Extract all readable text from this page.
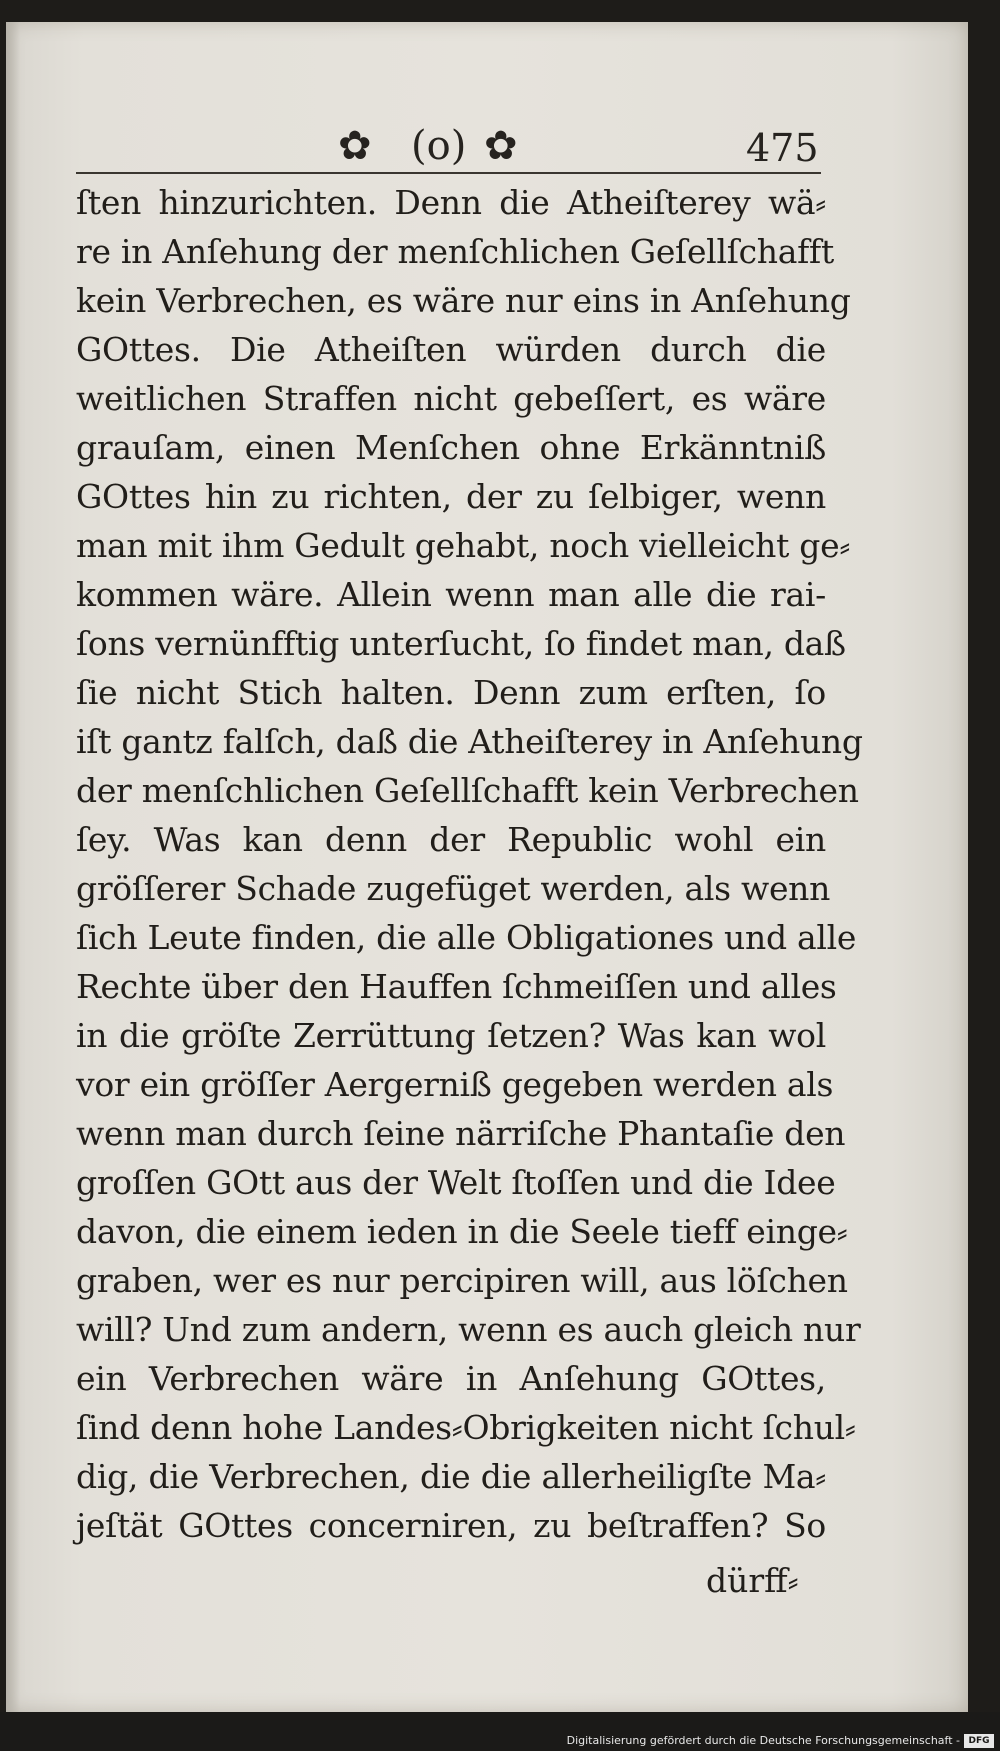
✿ (o) ✿	475
ſten hinzurichten. Denn die Atheiſterey wä⸗
re in Anſehung der menſchlichen Geſellſchafft
kein Verbrechen, es wäre nur eins in Anſehung
GOttes. Die Atheiſten würden durch die
weitlichen Straffen nicht gebeſſert, es wäre
grauſam, einen Menſchen ohne Erkänntniß
GOttes hin zu richten, der zu ſelbiger, wenn
man mit ihm Gedult gehabt, noch vielleicht ge⸗
kommen wäre. Allein wenn man alle die rai-
ſons vernünfftig unterſucht, ſo findet man, daß
ſie nicht Stich halten. Denn zum erſten, ſo
iſt gantz falſch, daß die Atheiſterey in Anſehung
der menſchlichen Geſellſchafft kein Verbrechen
ſey. Was kan denn der Republic wohl ein
gröſſerer Schade zugefüget werden, als wenn
ſich Leute finden, die alle Obligationes und alle
Rechte über den Hauffen ſchmeiſſen und alles
in die gröſte Zerrüttung ſetzen? Was kan wol
vor ein gröſſer Aergerniß gegeben werden als
wenn man durch ſeine närriſche Phantaſie den
groſſen GOtt aus der Welt ſtoſſen und die Idee
davon, die einem ieden in die Seele tieff einge⸗
graben, wer es nur percipiren will, aus löſchen
will? Und zum andern, wenn es auch gleich nur
ein Verbrechen wäre in Anſehung GOttes,
ſind denn hohe Landes⸗Obrigkeiten nicht ſchul⸗
dig, die Verbrechen, die die allerheiligſte Ma⸗
jeſtät GOttes concerniren, zu beſtraffen? So
dürff⸗
Digitalisierung gefördert durch die Deutsche Forschungsgemeinschaft - DFG
